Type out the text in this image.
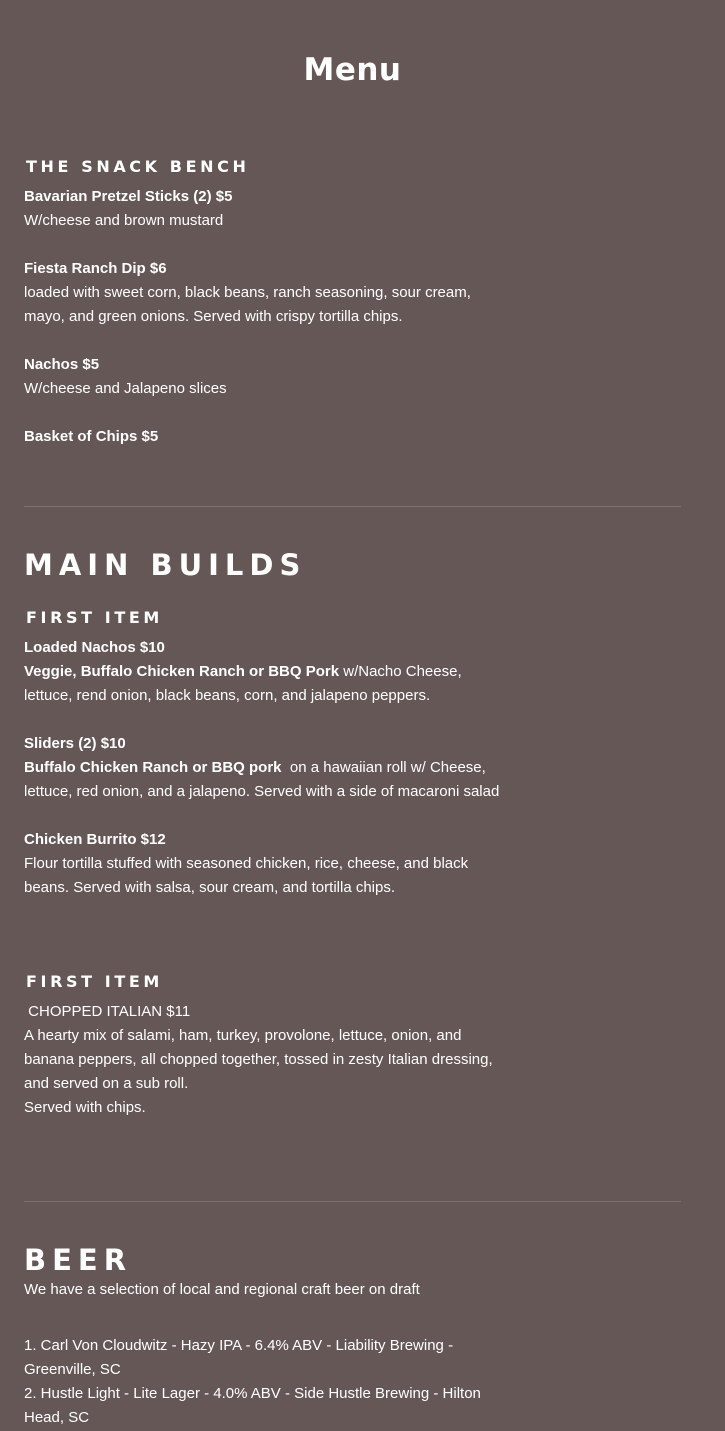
Menu
THE SNACK BENCH
Bavarian Pretzel Sticks (2) $5
W/cheese and brown mustard
Fiesta Ranch Dip $6
loaded with sweet corn, black beans, ranch seasoning, sour cream, mayo, and green onions. Served with crispy tortilla chips.
Nachos $5
W/cheese and Jalapeno slices
Basket of Chips $5
MAIN BUILDS
FIRST ITEM
Loaded Nachos $10
Veggie, Buffalo Chicken Ranch or BBQ Pork w/Nacho Cheese, lettuce, rend onion, black beans, corn, and jalapeno peppers.
Sliders (2) $10
Buffalo Chicken Ranch or BBQ pork  on a hawaiian roll w/ Cheese, lettuce, red onion, and a jalapeno. Served with a side of macaroni salad
Chicken Burrito $12
Flour tortilla stuffed with seasoned chicken, rice, cheese, and black beans. Served with salsa, sour cream, and tortilla chips.
FIRST ITEM
CHOPPED ITALIAN $11
A hearty mix of salami, ham, turkey, provolone, lettuce, onion, and banana peppers, all chopped together, tossed in zesty Italian dressing, and served on a sub roll.
Served with chips.
BEER
We have a selection of local and regional craft beer on draft
1. Carl Von Cloudwitz - Hazy IPA - 6.4% ABV - Liability Brewing - Greenville, SC
2. Hustle Light - Lite Lager - 4.0% ABV - Side Hustle Brewing - Hilton Head, SC
